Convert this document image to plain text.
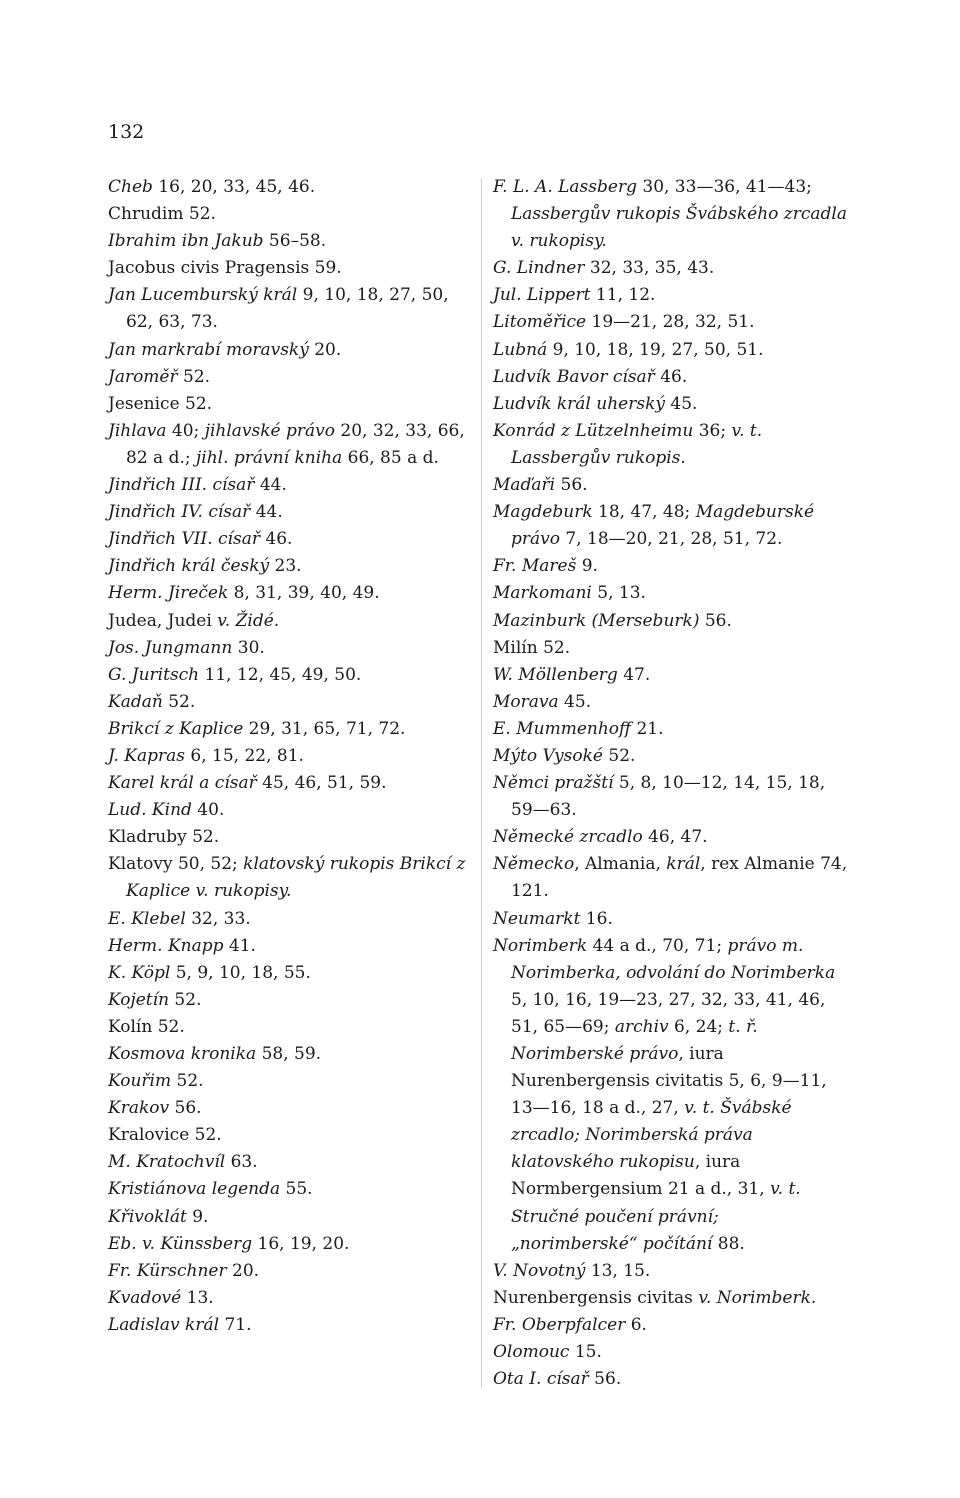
132

Cheb 16, 20, 33, 45, 46.

Chrudim 52.

Ibrahim ibn Jakub 56–58.

Jacobus civis Pragensis 59.

Jan Lucemburský král 9, 10, 18, 27, 50, 62, 63, 73.

Jan markrabí moravský 20.

Jaroměř 52.

Jesenice 52.

Jihlava 40; jihlavské právo 20, 32, 33, 66, 82 a d.; jihl. právní kniha 66, 85 a d.

Jindřich III. císař 44.

Jindřich IV. císař 44.

Jindřich VII. císař 46.

Jindřich král český 23.

Herm. Jireček 8, 31, 39, 40, 49.

Judea, Judei v. Židé.

Jos. Jungmann 30.

G. Juritsch 11, 12, 45, 49, 50.

Kadaň 52.

Brikcí z Kaplice 29, 31, 65, 71, 72.

J. Kapras 6, 15, 22, 81.

Karel král a císař 45, 46, 51, 59.

Lud. Kind 40.

Kladruby 52.

Klatovy 50, 52; klatovský rukopis Brikcí z Kaplice v. rukopisy.

E. Klebel 32, 33.

Herm. Knapp 41.

K. Köpl 5, 9, 10, 18, 55.

Kojetín 52.

Kolín 52.

Kosmova kronika 58, 59.

Kouřim 52.

Krakov 56.

Kralovice 52.

M. Kratochvíl 63.

Kristiánova legenda 55.

Křivoklát 9.

Eb. v. Künssberg 16, 19, 20.

Fr. Kürschner 20.

Kvadové 13.

Ladislav král 71.

F. L. A. Lassberg 30, 33—36, 41—43; Lassbergův rukopis Švábského zrcadla v. rukopisy.

G. Lindner 32, 33, 35, 43.

Jul. Lippert 11, 12.

Litoměřice 19—21, 28, 32, 51.

Lubná 9, 10, 18, 19, 27, 50, 51.

Ludvík Bavor císař 46.

Ludvík král uherský 45.

Konrád z Lützelnheimu 36; v. t. Lassbergův rukopis.

Maďaři 56.

Magdeburk 18, 47, 48; Magdeburské právo 7, 18—20, 21, 28, 51, 72.

Fr. Mareš 9.

Markomani 5, 13.

Mazinburk (Merseburk) 56.

Milín 52.

W. Möllenberg 47.

Morava 45.

E. Mummenhoff 21.

Mýto Vysoké 52.

Němci pražští 5, 8, 10—12, 14, 15, 18, 59—63.

Německé zrcadlo 46, 47.

Německo, Almania, král, rex Almanie 74, 121.

Neumarkt 16.

Norimberk 44 a d., 70, 71; právo m. Norimberka, odvolání do Norimberka 5, 10, 16, 19—23, 27, 32, 33, 41, 46, 51, 65—69; archiv 6, 24; t. ř. Norimberské právo, iura Nurenbergensis civitatis 5, 6, 9—11, 13—16, 18 a d., 27, v. t. Švábské zrcadlo; Norimberská práva klatovského rukopisu, iura Normbergensium 21 a d., 31, v. t. Stručné poučení právní; „norimberské“ počítání 88.

V. Novotný 13, 15.

Nurenbergensis civitas v. Norimberk.

Fr. Oberpfalcer 6.

Olomouc 15.

Ota I. císař 56.
